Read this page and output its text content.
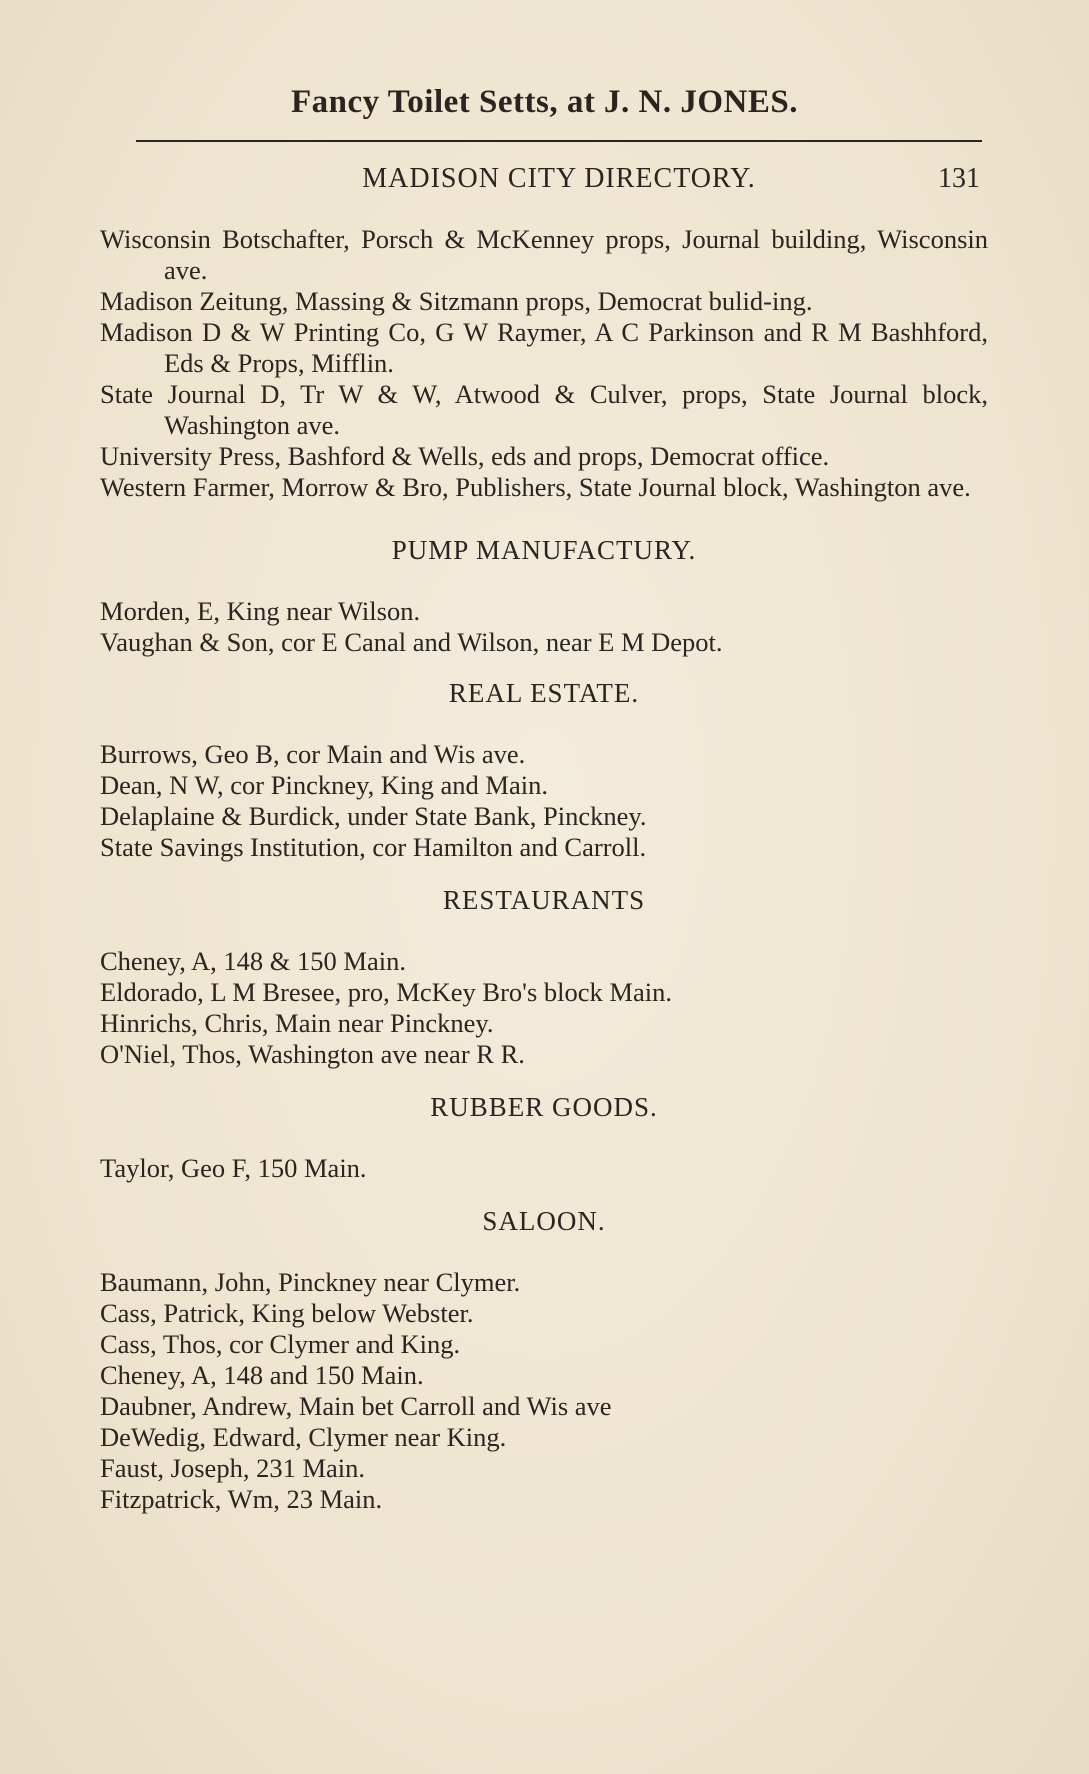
Fancy Toilet Setts, at J. N. JONES.
MADISON CITY DIRECTORY.	131
Wisconsin Botschafter, Porsch & McKenney props, Journal building, Wisconsin ave.
Madison Zeitung, Massing & Sitzmann props, Democrat bulid-ing.
Madison D & W Printing Co, G W Raymer, A C Parkinson and R M Bashhford, Eds & Props, Mifflin.
State Journal D, Tr W & W, Atwood & Culver, props, State Journal block, Washington ave.
University Press, Bashford & Wells, eds and props, Democrat office.
Western Farmer, Morrow & Bro, Publishers, State Journal block, Washington ave.
PUMP MANUFACTURY.
Morden, E, King near Wilson.
Vaughan & Son, cor E Canal and Wilson, near E M Depot.
REAL ESTATE.
Burrows, Geo B, cor Main and Wis ave.
Dean, N W, cor Pinckney, King and Main.
Delaplaine & Burdick, under State Bank, Pinckney.
State Savings Institution, cor Hamilton and Carroll.
RESTAURANTS
Cheney, A, 148 & 150 Main.
Eldorado, L M Bresee, pro, McKey Bro's block Main.
Hinrichs, Chris, Main near Pinckney.
O'Niel, Thos, Washington ave near R R.
RUBBER GOODS.
Taylor, Geo F, 150 Main.
SALOON.
Baumann, John, Pinckney near Clymer.
Cass, Patrick, King below Webster.
Cass, Thos, cor Clymer and King.
Cheney, A, 148 and 150 Main.
Daubner, Andrew, Main bet Carroll and Wis ave
DeWedig, Edward, Clymer near King.
Faust, Joseph, 231 Main.
Fitzpatrick, Wm, 23 Main.
